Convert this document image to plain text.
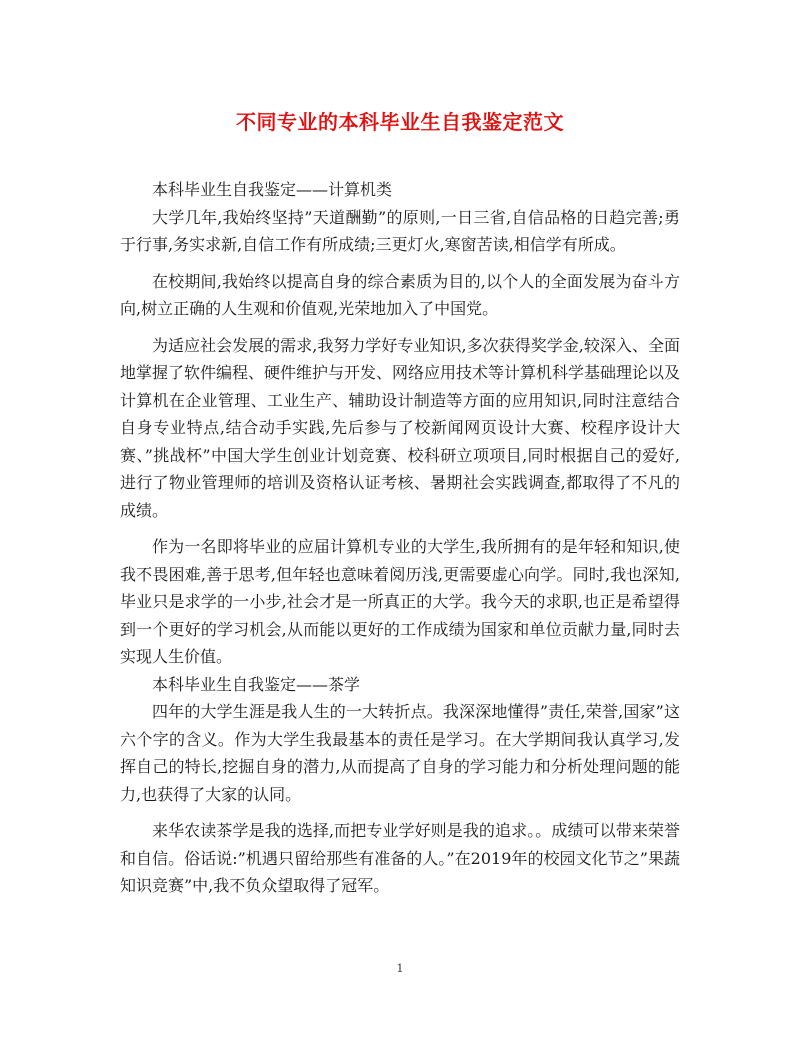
不同专业的本科毕业生自我鉴定范文

本科毕业生自我鉴定——计算机类

大学几年,我始终坚持”天道酬勤”的原则,一日三省,自信品格的日趋完善;勇于行事,务实求新,自信工作有所成绩;三更灯火,寒窗苦读,相信学有所成。

在校期间,我始终以提高自身的综合素质为目的,以个人的全面发展为奋斗方向,树立正确的人生观和价值观,光荣地加入了中国党。

为适应社会发展的需求,我努力学好专业知识,多次获得奖学金,较深入、全面地掌握了软件编程、硬件维护与开发、网络应用技术等计算机科学基础理论以及计算机在企业管理、工业生产、辅助设计制造等方面的应用知识,同时注意结合自身专业特点,结合动手实践,先后参与了校新闻网页设计大赛、校程序设计大赛、”挑战杯”中国大学生创业计划竞赛、校科研立项项目,同时根据自己的爱好,进行了物业管理师的培训及资格认证考核、暑期社会实践调查,都取得了不凡的成绩。

作为一名即将毕业的应届计算机专业的大学生,我所拥有的是年轻和知识,使我不畏困难,善于思考,但年轻也意味着阅历浅,更需要虚心向学。同时,我也深知, 毕业只是求学的一小步,社会才是一所真正的大学。我今天的求职,也正是希望得到一个更好的学习机会,从而能以更好的工作成绩为国家和单位贡献力量,同时去实现人生价值。

本科毕业生自我鉴定——茶学

四年的大学生涯是我人生的一大转折点。我深深地懂得”责任,荣誉,国家”这六个字的含义。作为大学生我最基本的责任是学习。在大学期间我认真学习,发挥自己的特长,挖掘自身的潜力,从而提高了自身的学习能力和分析处理问题的能力,也获得了大家的认同。

来华农读茶学是我的选择,而把专业学好则是我的追求。。成绩可以带来荣誉和自信。俗话说:”机遇只留给那些有准备的人。”在2019年的校园文化节之”果蔬知识竞赛”中,我不负众望取得了冠军。

1
